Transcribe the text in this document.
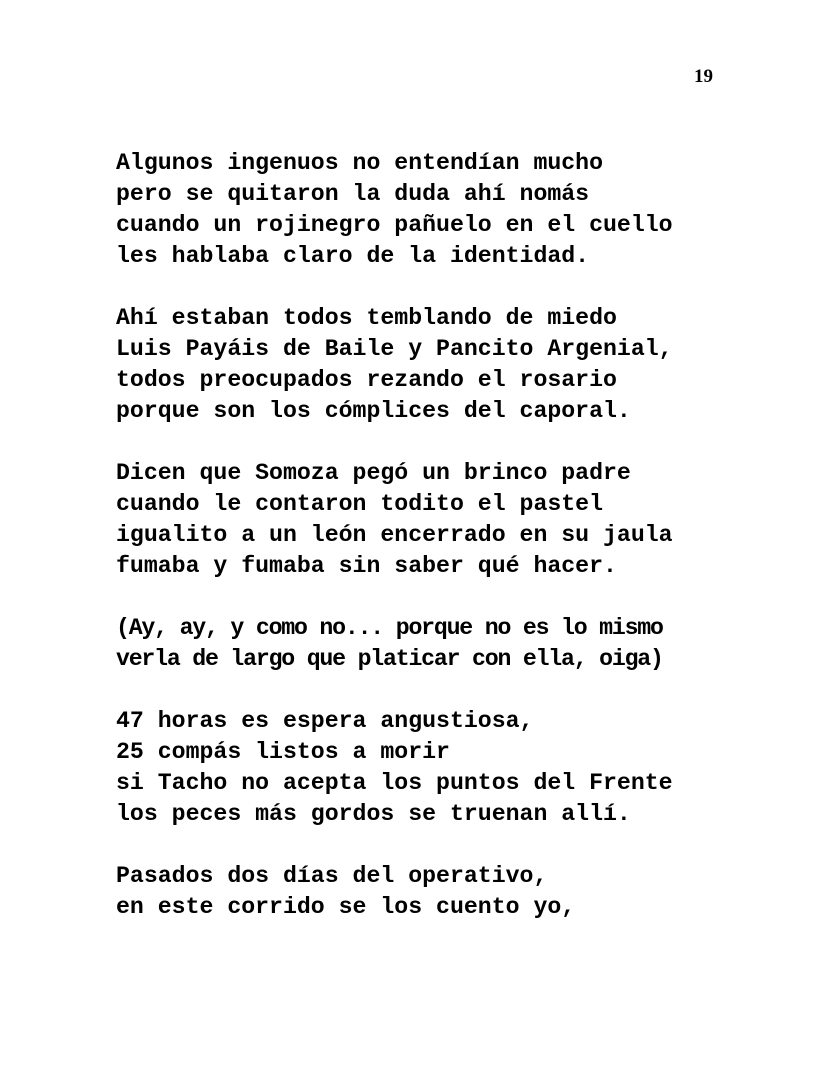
19
Algunos ingenuos no entendían mucho
pero se quitaron la duda ahí nomás
cuando un rojinegro pañuelo en el cuello
les hablaba claro de la identidad.
Ahí estaban todos temblando de miedo
Luis Payáis de Baile y Pancito Argenial,
todos preocupados rezando el rosario
porque son los cómplices del caporal.
Dicen que Somoza pegó un brinco padre
cuando le contaron todito el pastel
igualito a un león encerrado en su jaula
fumaba y fumaba sin saber qué hacer.
(Ay, ay, y como no... porque no es lo mismo
verla de largo que platicar con ella, oiga)
47 horas es espera angustiosa,
25 compás listos a morir
si Tacho no acepta los puntos del Frente
los peces más gordos se truenan allí.
Pasados dos días del operativo,
en este corrido se los cuento yo,
